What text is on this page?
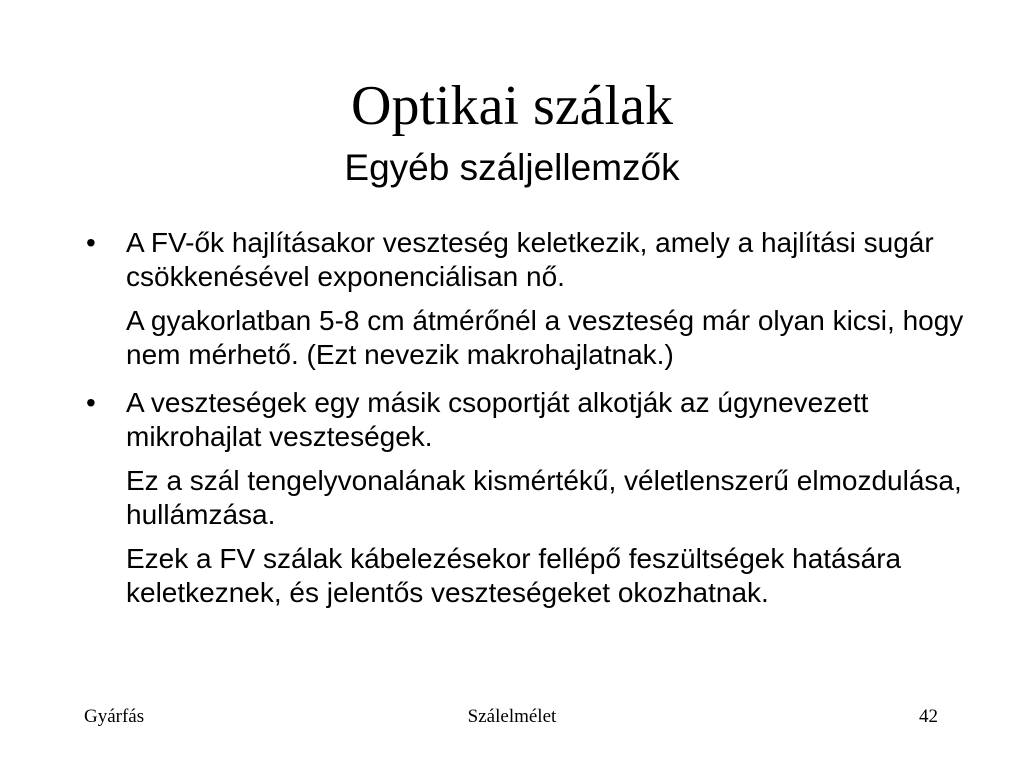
Optikai szálak
Egyéb száljellemzők
• A FV-ők hajlításakor veszteség keletkezik, amely a hajlítási sugár csökkenésével exponenciálisan nő.

A gyakorlatban 5-8 cm átmérőnél a veszteség már olyan kicsi, hogy nem mérhető. (Ezt nevezik makrohajlatnak.)

• A veszteségek egy másik csoportját alkotják az úgynevezett mikrohajlat veszteségek.

Ez a szál tengelyvonalának kismértékű, véletlenszerű elmozdulása, hullámzása.

Ezek a FV szálak kábelezésekor fellépő feszültségek hatására keletkeznek, és jelentős veszteségeket okozhatnak.

Gyárfás	Szálelmélet	42
